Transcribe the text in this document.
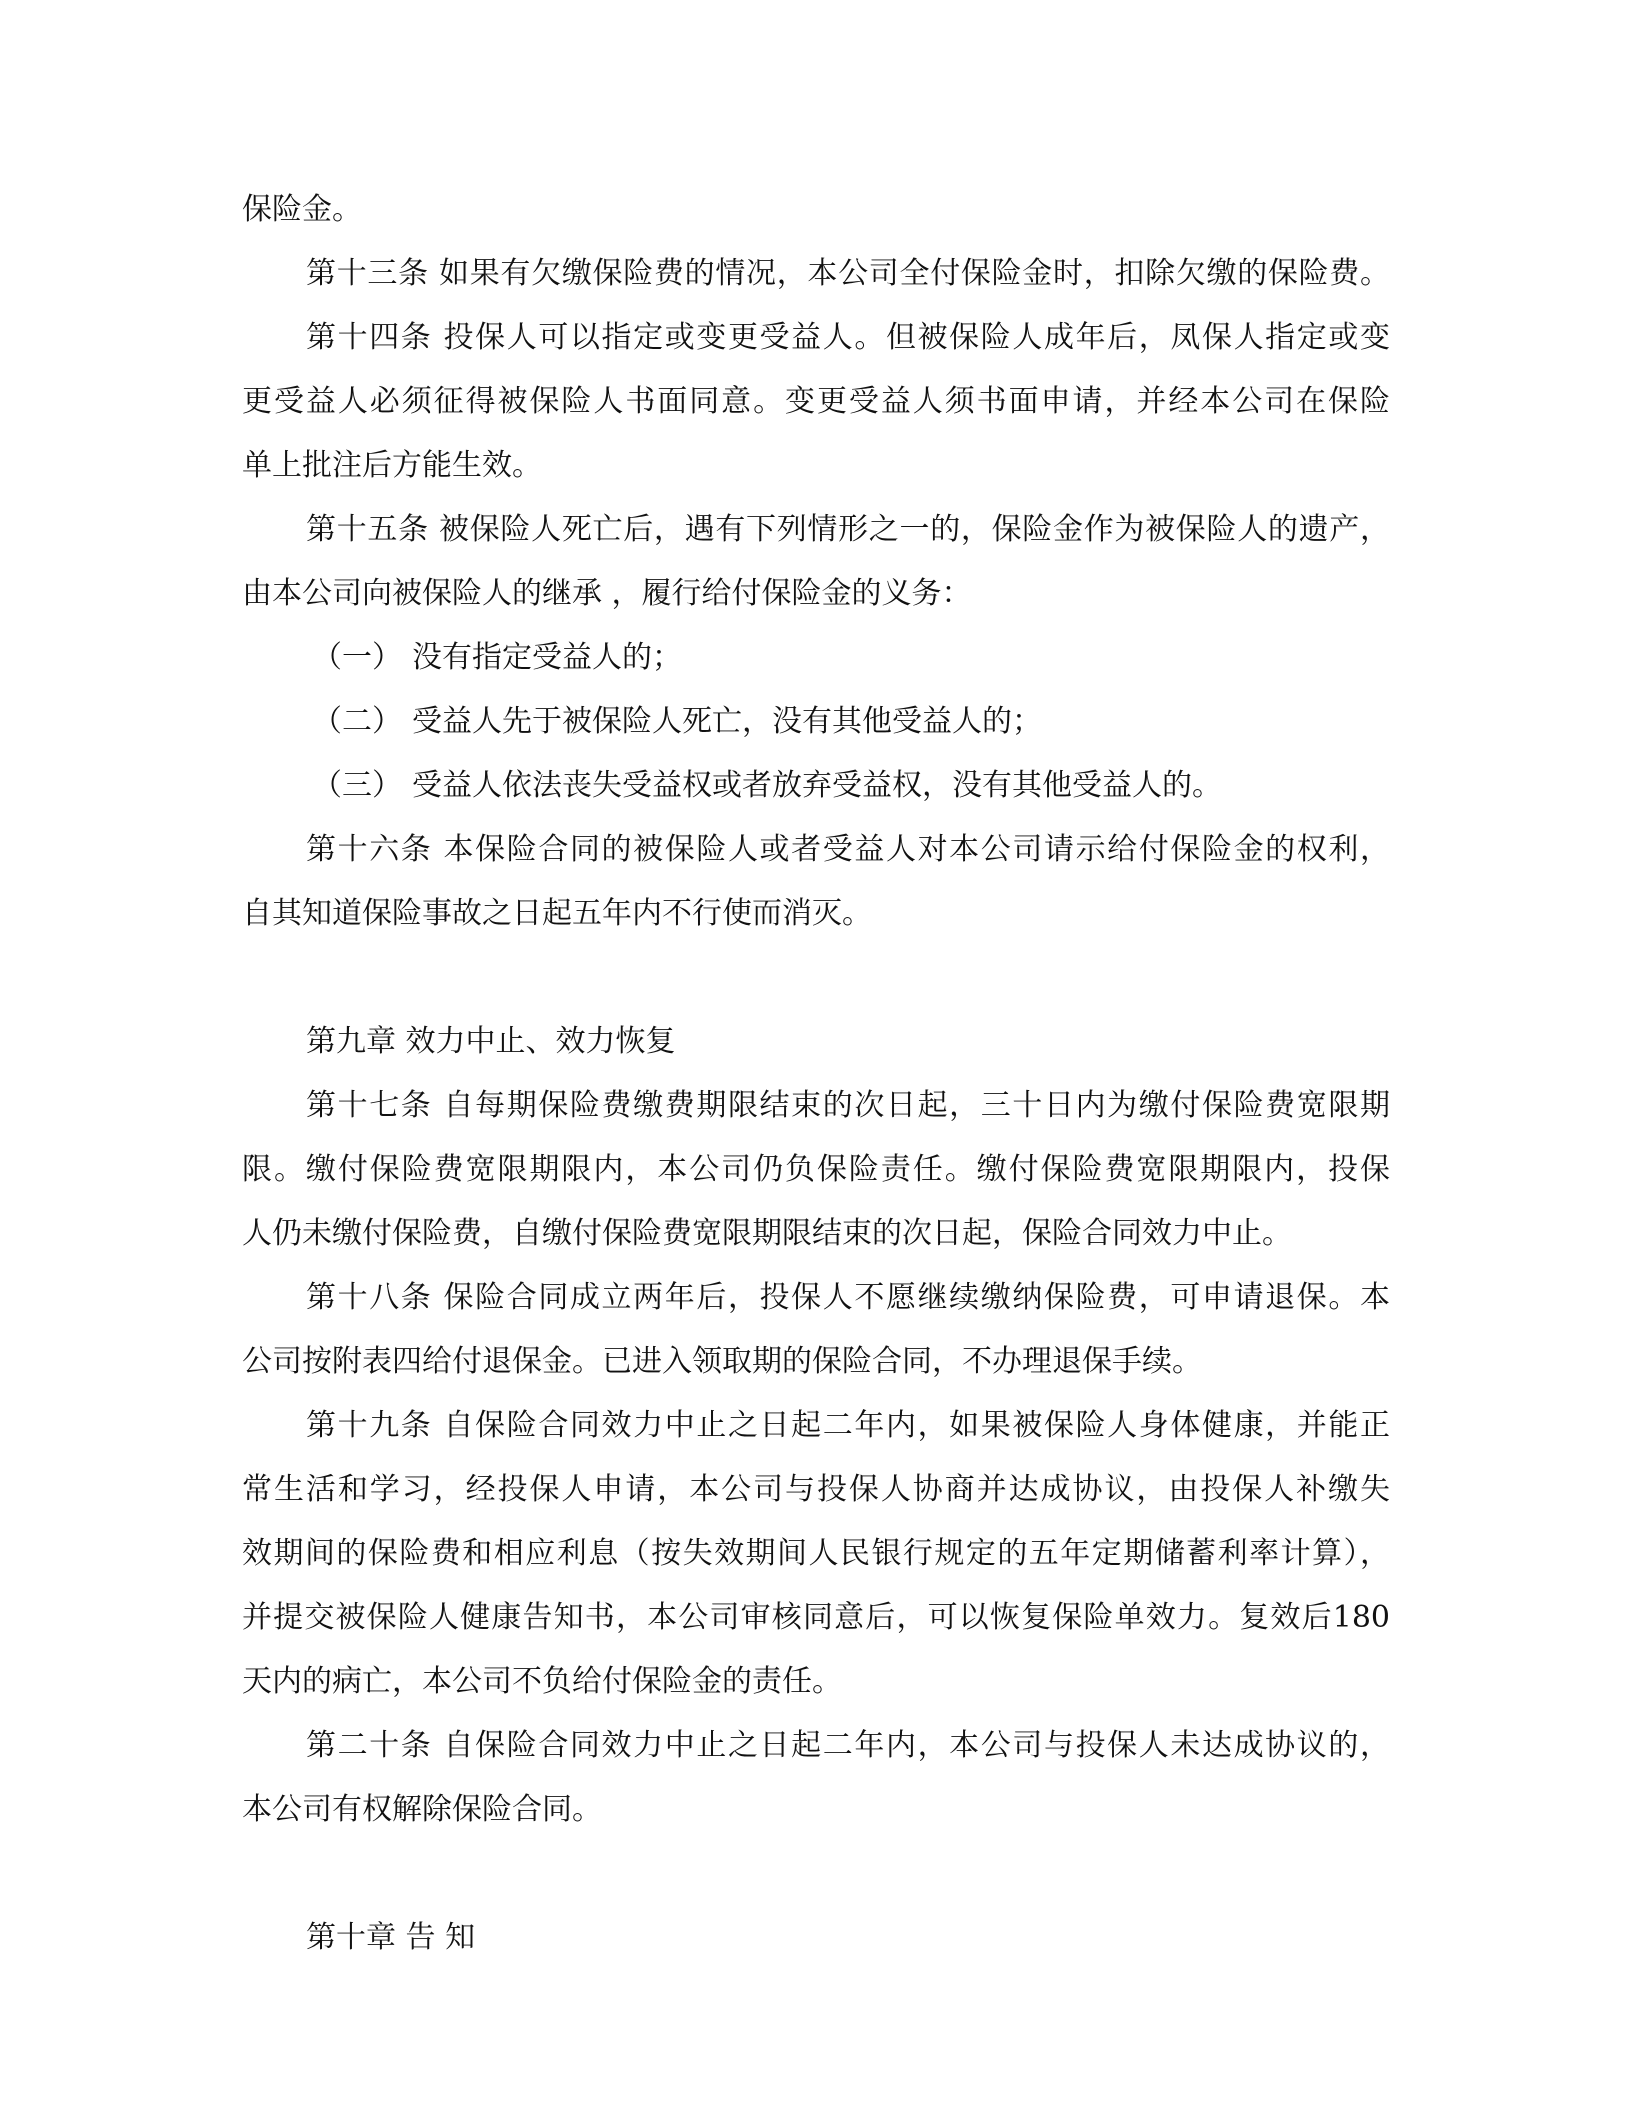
保险金。
第十三条 如果有欠缴保险费的情况，本公司全付保险金时，扣除欠缴的保险费。
第十四条 投保人可以指定或变更受益人。但被保险人成年后，凤保人指定或变
更受益人必须征得被保险人书面同意。变更受益人须书面申请，并经本公司在保险
单上批注后方能生效。
第十五条 被保险人死亡后，遇有下列情形之一的，保险金作为被保险人的遗产，
由本公司向被保险人的继承 ，履行给付保险金的义务：
（一） 没有指定受益人的；
（二） 受益人先于被保险人死亡，没有其他受益人的；
（三） 受益人依法丧失受益权或者放弃受益权，没有其他受益人的。
第十六条 本保险合同的被保险人或者受益人对本公司请示给付保险金的权利，
自其知道保险事故之日起五年内不行使而消灭。
第九章 效力中止、效力恢复
第十七条 自每期保险费缴费期限结束的次日起，三十日内为缴付保险费宽限期
限。缴付保险费宽限期限内，本公司仍负保险责任。缴付保险费宽限期限内，投保
人仍未缴付保险费，自缴付保险费宽限期限结束的次日起，保险合同效力中止。
第十八条 保险合同成立两年后，投保人不愿继续缴纳保险费，可申请退保。本
公司按附表四给付退保金。已进入领取期的保险合同，不办理退保手续。
第十九条 自保险合同效力中止之日起二年内，如果被保险人身体健康，并能正
常生活和学习，经投保人申请，本公司与投保人协商并达成协议，由投保人补缴失
效期间的保险费和相应利息（按失效期间人民银行规定的五年定期储蓄利率计算），
并提交被保险人健康告知书，本公司审核同意后，可以恢复保险单效力。复效后180
天内的病亡，本公司不负给付保险金的责任。
第二十条 自保险合同效力中止之日起二年内，本公司与投保人未达成协议的，
本公司有权解除保险合同。
第十章 告 知
